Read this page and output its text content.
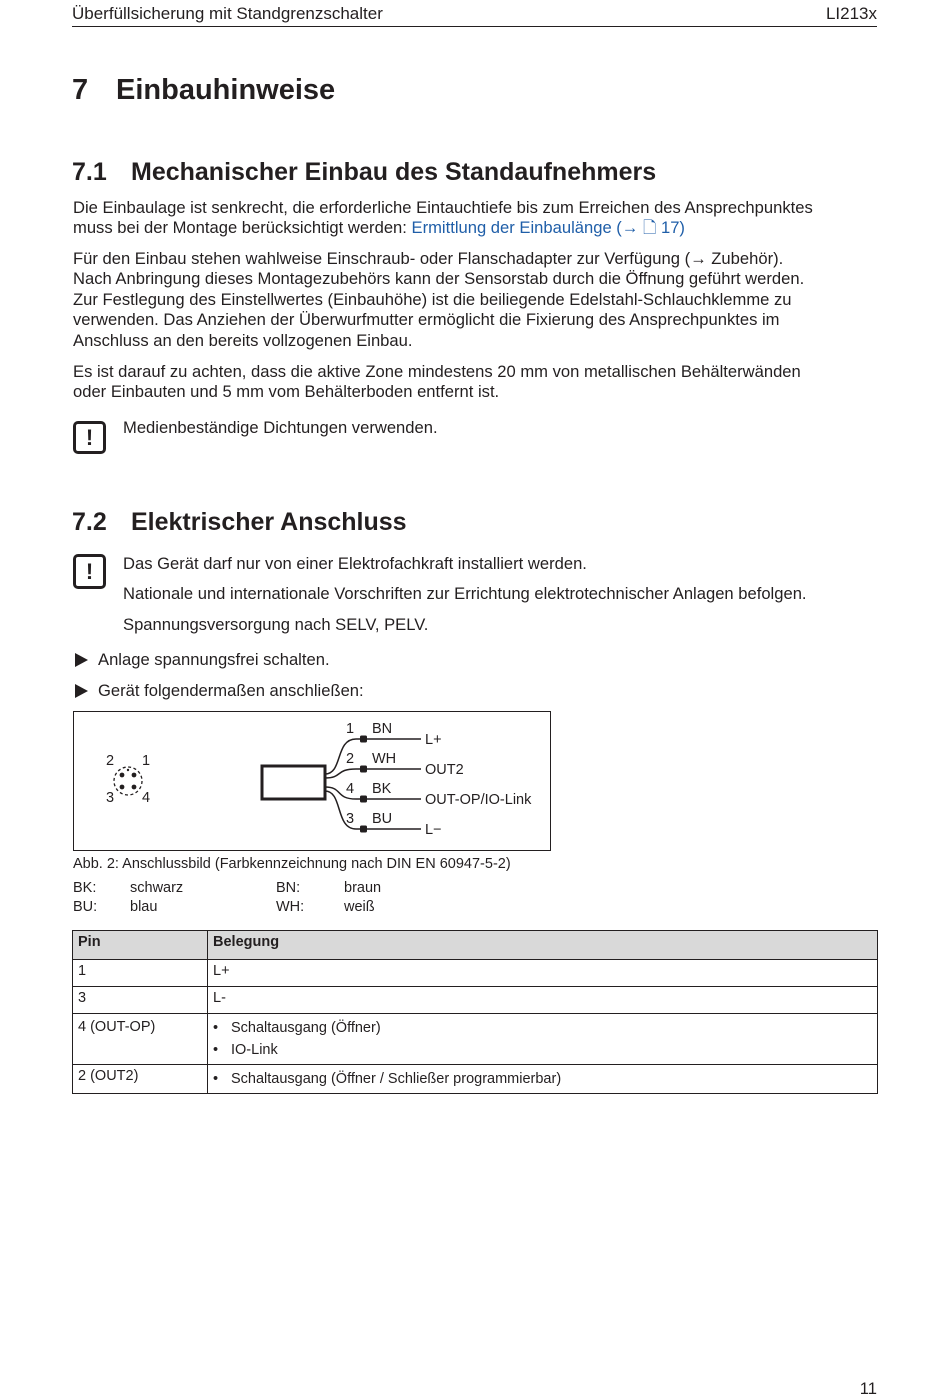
Überfüllsicherung mit Standgrenzschalter	LI213x
7 Einbauhinweise
7.1 Mechanischer Einbau des Standaufnehmers
Die Einbaulage ist senkrecht, die erforderliche Eintauchtiefe bis zum Erreichen des Ansprechpunktes
muss bei der Montage berücksichtigt werden: Ermittlung der Einbaulänge (→ 🗋 17)
Für den Einbau stehen wahlweise Einschraub- oder Flanschadapter zur Verfügung (→ Zubehör).
Nach Anbringung dieses Montagezubehörs kann der Sensorstab durch die Öffnung geführt werden.
Zur Festlegung des Einstellwertes (Einbauhöhe) ist die beiliegende Edelstahl-Schlauchklemme zu
verwenden. Das Anziehen der Überwurfmutter ermöglicht die Fixierung des Ansprechpunktes im
Anschluss an den bereits vollzogenen Einbau.
Es ist darauf zu achten, dass die aktive Zone mindestens 20 mm von metallischen Behälterwänden
oder Einbauten und 5 mm vom Behälterboden entfernt ist.
! Medienbeständige Dichtungen verwenden.
7.2 Elektrischer Anschluss
! Das Gerät darf nur von einer Elektrofachkraft installiert werden.
Nationale und internationale Vorschriften zur Errichtung elektrotechnischer Anlagen befolgen.
Spannungsversorgung nach SELV, PELV.
Anlage spannungsfrei schalten.
Gerät folgendermaßen anschließen:
2 1
3 4
1 BN
L+
2 WH
OUT2
4 BK
OUT-OP/IO-Link
3 BU
L−
Abb. 2: Anschlussbild (Farbkennzeichnung nach DIN EN 60947-5-2)
BK: schwarz	BN:	braun
BU: blau	WH:	weiß
Pin	Belegung
1	L+
3	L-
4 (OUT-OP)	• Schaltausgang (Öffner)
• IO-Link

2 (OUT2)	• Schaltausgang (Öffner / Schließer programmierbar)
11
